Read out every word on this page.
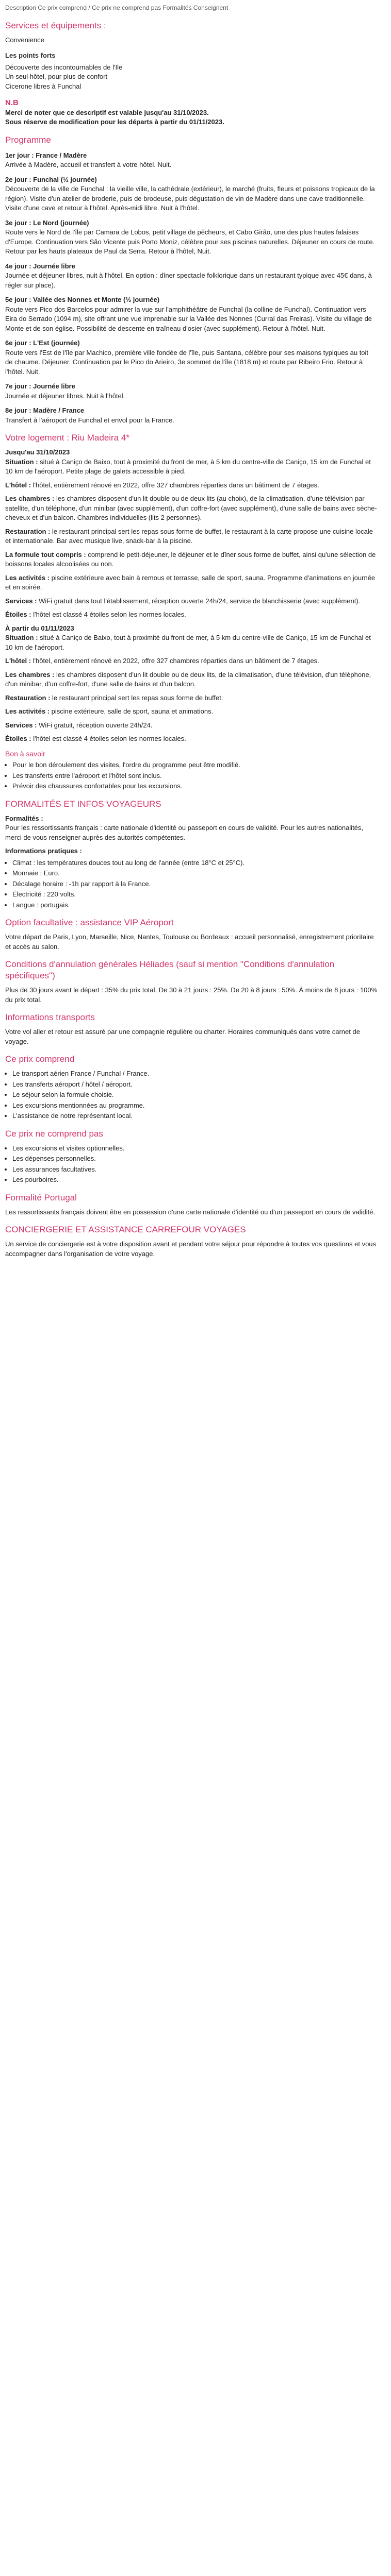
Description Ce prix comprend / Ce prix ne comprend pas Formalités Conseignent
Services et équipements :

Convenience

Les points forts
Découverte des incontournables de l'Ile
Un seul hôtel, pour plus de confort
Cicerone libres à Funchal
N.B
Merci de noter que ce descriptif est valable jusqu'au 31/10/2023.
Sous réserve de modification pour les départs à partir du 01/11/2023.
Programme
1er jour : France / Madère
Arrivée à Madère, accueil et transfert à votre hôtel. Nuit.
2e jour : Funchal (½ journée)
Découverte de la ville de Funchal : la vieille ville, la cathédrale (extérieur), le marché (fruits, fleurs et poissons tropicaux de la région). Visite d'un atelier de broderie, puis de brodeuse, puis dégustation de vin de Madère dans une cave traditionnelle. Visite d'une cave et retour à l'hôtel. Après-midi libre. Nuit à l'hôtel.
3e jour : Le Nord (journée)
Route vers le Nord de l'île par Camara de Lobos, petit village de pêcheurs, et Cabo Girão, une des plus hautes falaises d'Europe. Continuation vers São Vicente puis Porto Moniz, célèbre pour ses piscines naturelles. Déjeuner en cours de route. Retour par les hauts plateaux de Paul da Serra. Retour à l'hôtel, Nuit.
4e jour : Journée libre
Journée et déjeuner libres, nuit à l'hôtel. En option : dîner spectacle folklorique dans un restaurant typique avec 45€ dans, à régler sur place).
5e jour : Vallée des Nonnes et Monte (½ journée)
Route vers Pico dos Barcelos pour admirer la vue sur l'amphithéâtre de Funchal (la colline de Funchal). Continuation vers Eira do Serrado (1094 m), site offrant une vue imprenable sur la Vallée des Nonnes (Curral das Freiras). Visite du village de Monte et de son église. Possibilité de descente en traîneau d'osier (avec supplément). Retour à l'hôtel. Nuit.
6e jour : L'Est (journée)
Route vers l'Est de l'île par Machico, première ville fondée de l'île, puis Santana, célèbre pour ses maisons typiques au toit de chaume. Déjeuner. Continuation par le Pico do Arieiro, 3e sommet de l'île (1818 m) et route par Ribeiro Frio. Retour à l'hôtel. Nuit.
7e jour : Journée libre
Journée et déjeuner libres. Nuit à l'hôtel.
8e jour : Madère / France
Transfert à l'aéroport de Funchal et envol pour la France.
Votre logement : Riu Madeira 4*
Jusqu'au 31/10/2023

Situation : situé à Caniço de Baixo, tout à proximité du front de mer, à 5 km du centre-ville de Caniço, 15 km de Funchal et 10 km de l'aéroport. Petite plage de galets accessible à pied.

L'hôtel : l'hôtel, entièrement rénové en 2022, offre 327 chambres réparties dans un bâtiment de 7 étages.

Les chambres : les chambres disposent d'un lit double ou de deux lits (au choix), de la climatisation, d'une télévision par satellite, d'un téléphone, d'un minibar (avec supplément), d'un coffre-fort (avec supplément), d'une salle de bains avec sèche-cheveux et d'un balcon. Chambres individuelles (lits 2 personnes).

Restauration : le restaurant principal sert les repas sous forme de buffet, le restaurant à la carte propose une cuisine locale et internationale. Bar avec musique live, snack-bar à la piscine.

La formule tout compris : comprend le petit-déjeuner, le déjeuner et le dîner sous forme de buffet, ainsi qu'une sélection de boissons locales alcoolisées ou non.

Les activités : piscine extérieure avec bain à remous et terrasse, salle de sport, sauna. Programme d'animations en journée et en soirée.

Services : WiFi gratuit dans tout l'établissement, réception ouverte 24h/24, service de blanchisserie (avec supplément).

Étoiles : l'hôtel est classé 4 étoiles selon les normes locales.

À partir du 01/11/2023

Situation : situé à Caniço de Baixo, tout à proximité du front de mer, à 5 km du centre-ville de Caniço, 15 km de Funchal et 10 km de l'aéroport.

L'hôtel : l'hôtel, entièrement rénové en 2022, offre 327 chambres réparties dans un bâtiment de 7 étages.

Les chambres : les chambres disposent d'un lit double ou de deux lits, de la climatisation, d'une télévision, d'un téléphone, d'un minibar, d'un coffre-fort, d'une salle de bains et d'un balcon.

Restauration : le restaurant principal sert les repas sous forme de buffet.

Les activités : piscine extérieure, salle de sport, sauna et animations.

Services : WiFi gratuit, réception ouverte 24h/24.

Étoiles : l'hôtel est classé 4 étoiles selon les normes locales.

Bon à savoir
• Pour le bon déroulement des visites, l'ordre du programme peut être modifié.
• Les transferts entre l'aéroport et l'hôtel sont inclus.
• Prévoir des chaussures confortables pour les excursions.
FORMALITÉS ET INFOS VOYAGEURS
Formalités :

Pour les ressortissants français : carte nationale d'identité ou passeport en cours de validité. Pour les autres nationalités, merci de vous renseigner auprès des autorités compétentes.

Informations pratiques :
• Climat : les températures douces tout au long de l'année (entre 18°C et 25°C).
• Monnaie : Euro.
• Décalage horaire : -1h par rapport à la France.
• Électricité : 220 volts.
• Langue : portugais.
Option facultative : assistance VIP Aéroport

Votre départ de Paris, Lyon, Marseille, Nice, Nantes, Toulouse ou Bordeaux : accueil personnalisé, enregistrement prioritaire et accès au salon.

Conditions d'annulation générales Héliades (sauf si mention "Conditions d'annulation spécifiques")

Plus de 30 jours avant le départ : 35% du prix total. De 30 à 21 jours : 25%. De 20 à 8 jours : 50%. À moins de 8 jours : 100% du prix total.

Informations transports

Votre vol aller et retour est assuré par une compagnie régulière ou charter. Horaires communiqués dans votre carnet de voyage.

Ce prix comprend
• Le transport aérien France / Funchal / France.
• Les transferts aéroport / hôtel / aéroport.
• Le séjour selon la formule choisie.
• Les excursions mentionnées au programme.
• L'assistance de notre représentant local.
Ce prix ne comprend pas
• Les excursions et visites optionnelles.
• Les dépenses personnelles.
• Les assurances facultatives.
• Les pourboires.
Formalité Portugal

Les ressortissants français doivent être en possession d'une carte nationale d'identité ou d'un passeport en cours de validité.

CONCIERGERIE ET ASSISTANCE CARREFOUR VOYAGES

Un service de conciergerie est à votre disposition avant et pendant votre séjour pour répondre à toutes vos questions et vous accompagner dans l'organisation de votre voyage.
